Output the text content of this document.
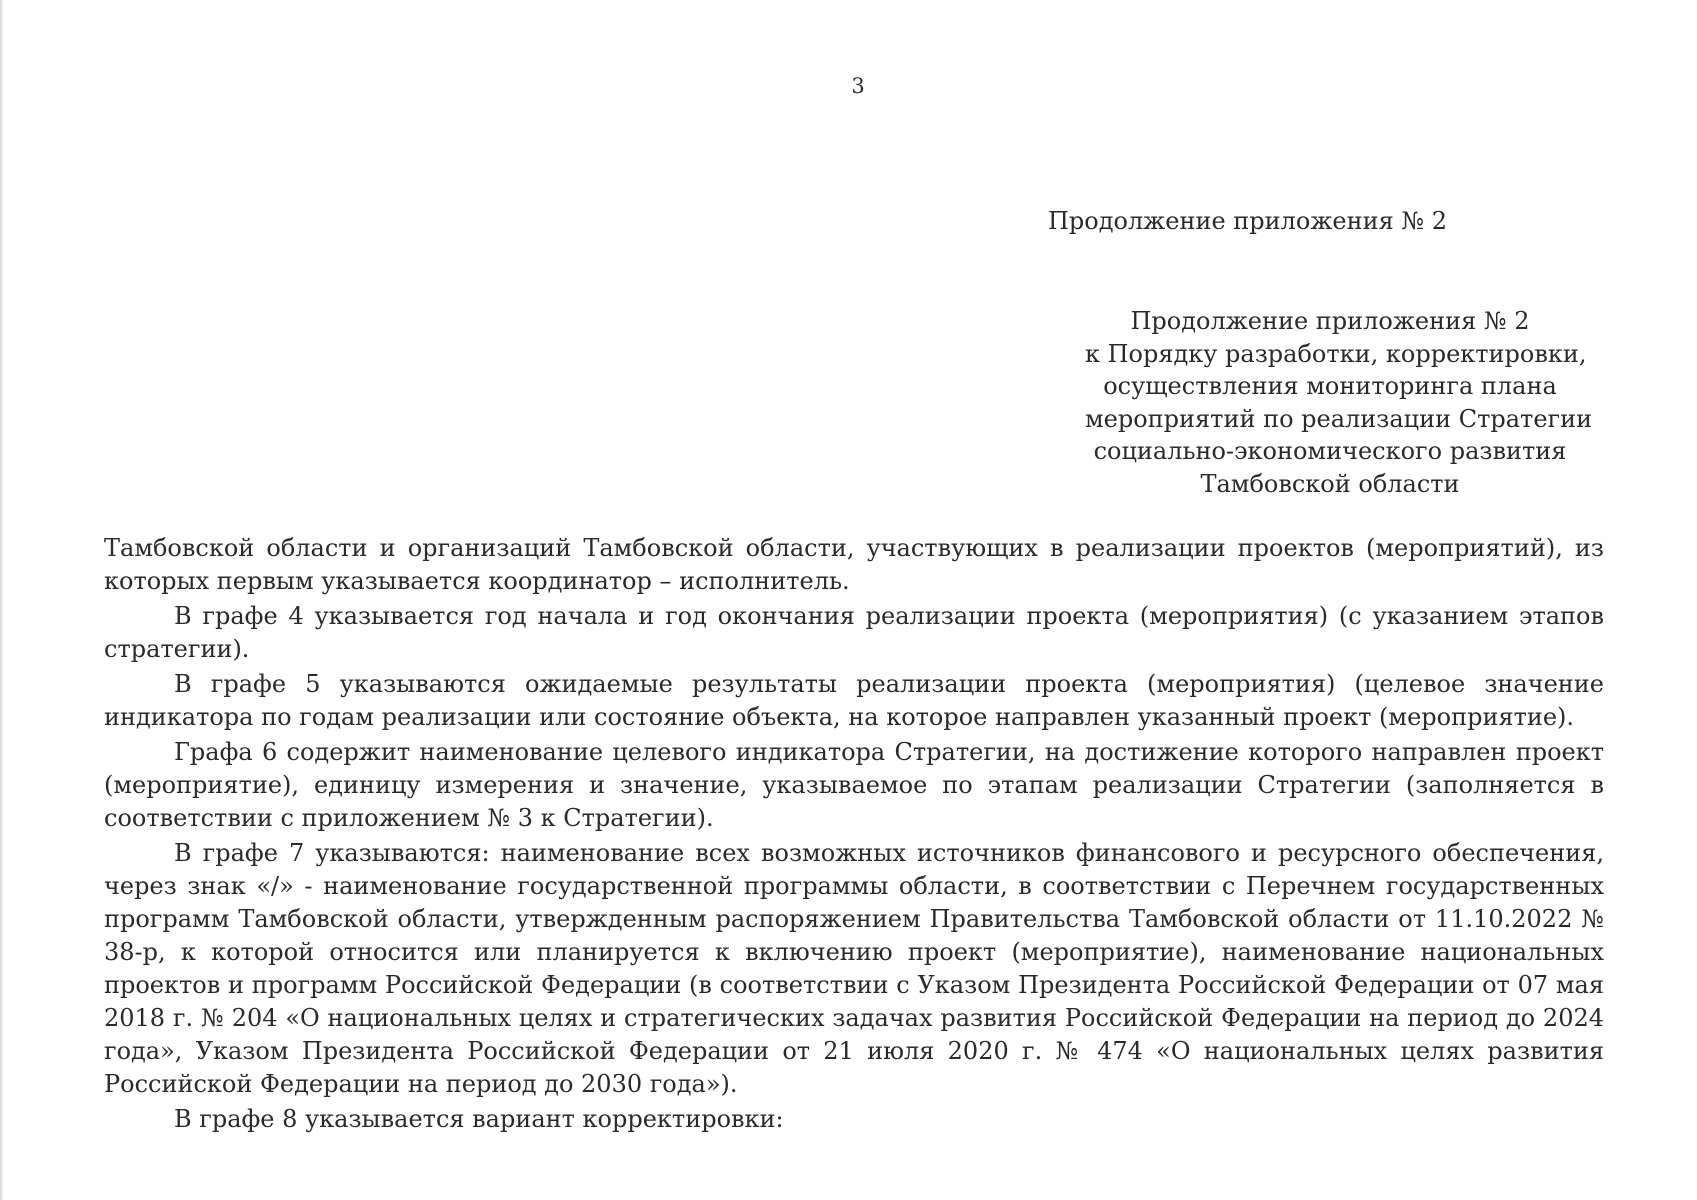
3
Продолжение приложения № 2
Продолжение приложения № 2
к Порядку разработки, корректировки,
осуществления мониторинга плана
мероприятий по реализации Стратегии
социально-экономического развития
Тамбовской области

Тамбовской области и организаций Тамбовской области, участвующих в реализации проектов (мероприятий), из которых первым указывается координатор – исполнитель.

В графе 4 указывается год начала и год окончания реализации проекта (мероприятия) (с указанием этапов стратегии).

В графе 5 указываются ожидаемые результаты реализации проекта (мероприятия) (целевое значение индикатора по годам реализации или состояние объекта, на которое направлен указанный проект (мероприятие).

Графа 6 содержит наименование целевого индикатора Стратегии, на достижение которого направлен проект (мероприятие), единицу измерения и значение, указываемое по этапам реализации Стратегии (заполняется в соответствии с приложением № 3 к Стратегии).

В графе 7 указываются: наименование всех возможных источников финансового и ресурсного обеспечения, через знак «/» - наименование государственной программы области, в соответствии с Перечнем государственных программ Тамбовской области, утвержденным распоряжением Правительства Тамбовской области от 11.10.2022 № 38-р, к которой относится или планируется к включению проект (мероприятие), наименование национальных проектов и программ Российской Федерации (в соответствии с Указом Президента Российской Федерации от 07 мая 2018 г. № 204 «О национальных целях и стратегических задачах развития Российской Федерации на период до 2024 года», Указом Президента Российской Федерации от 21 июля 2020 г. № 474 «О национальных целях развития Российской Федерации на период до 2030 года»).

В графе 8 указывается вариант корректировки:
